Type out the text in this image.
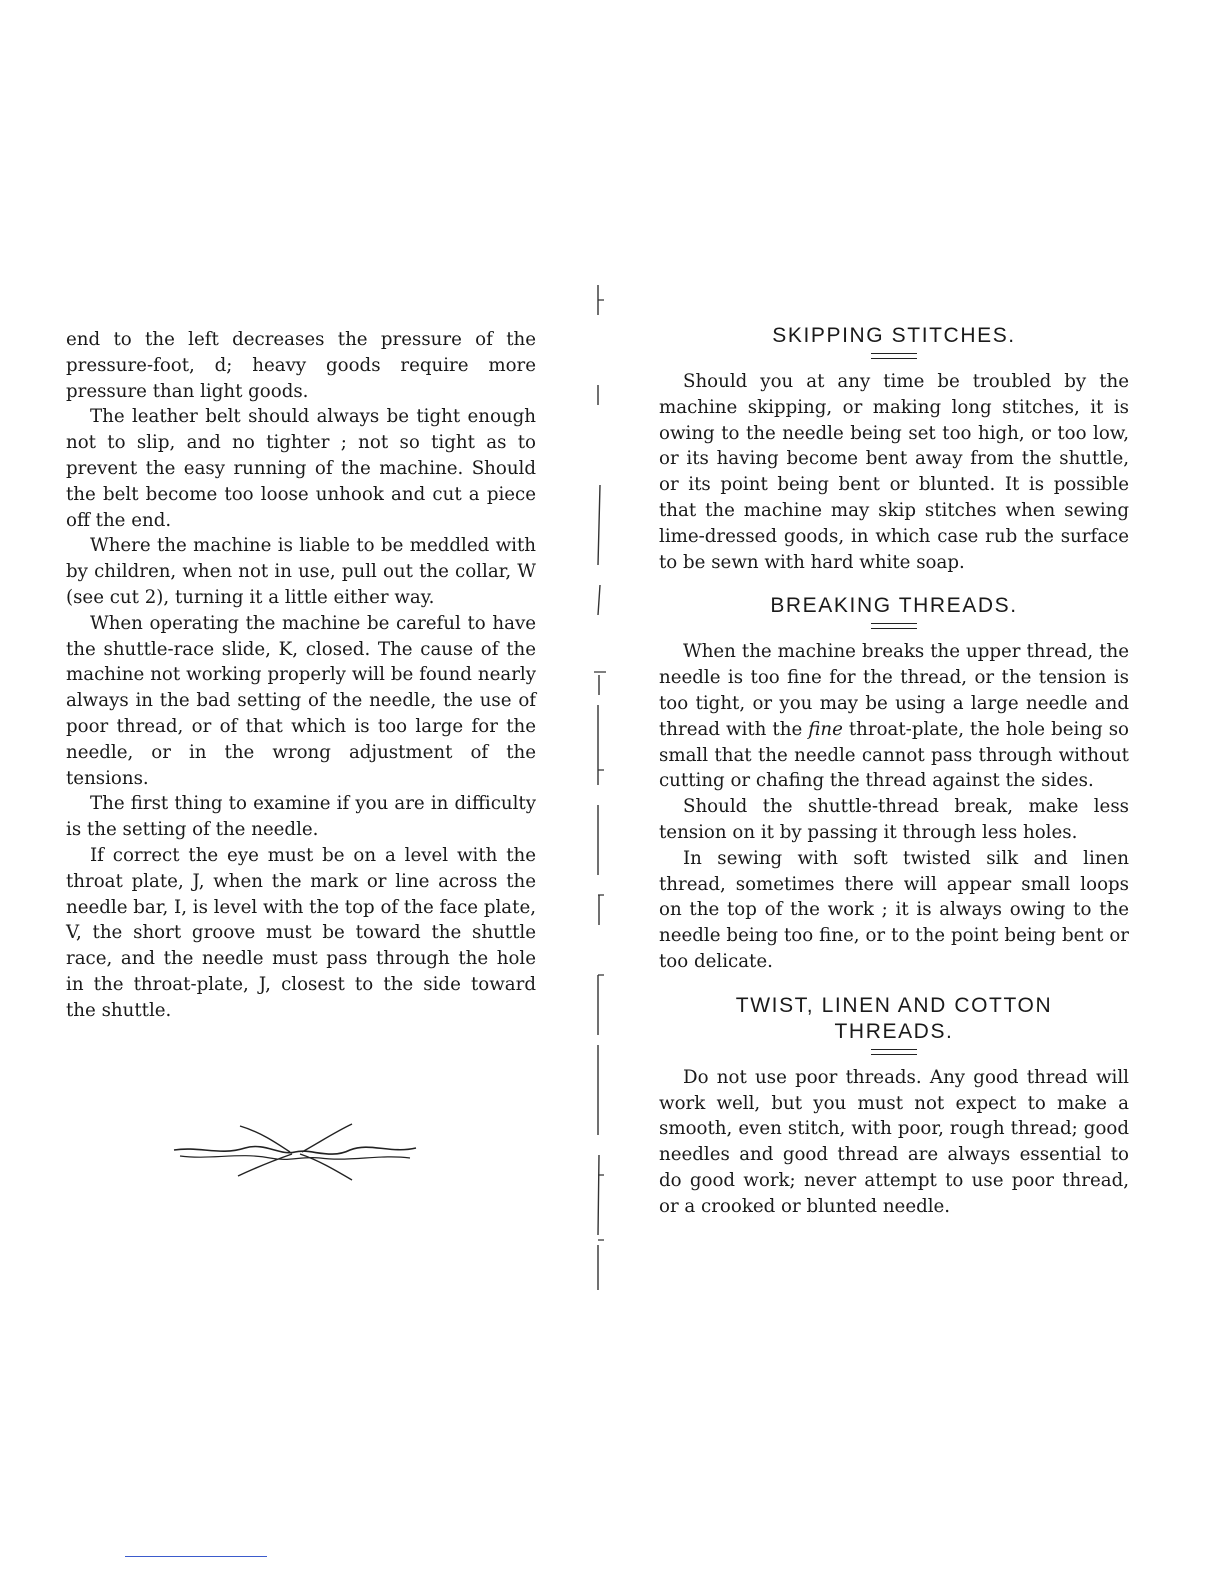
end to the left decreases the pressure of the pressure-foot, d; heavy goods require more pressure than light goods.

The leather belt should always be tight enough not to slip, and no tighter ; not so tight as to prevent the easy running of the machine. Should the belt become too loose unhook and cut a piece off the end.

Where the machine is liable to be meddled with by children, when not in use, pull out the collar, W (see cut 2), turning it a little either way.

When operating the machine be careful to have the shuttle-race slide, K, closed. The cause of the machine not working properly will be found nearly always in the bad setting of the needle, the use of poor thread, or of that which is too large for the needle, or in the wrong adjustment of the tensions.

The first thing to examine if you are in difficulty is the setting of the needle.

If correct the eye must be on a level with the throat plate, J, when the mark or line across the needle bar, I, is level with the top of the face plate, V, the short groove must be toward the shuttle race, and the needle must pass through the hole in the throat-plate, J, closest to the side toward the shuttle.

SKIPPING STITCHES.

Should you at any time be troubled by the machine skipping, or making long stitches, it is owing to the needle being set too high, or too low, or its having become bent away from the shuttle, or its point being bent or blunted. It is possible that the machine may skip stitches when sewing lime-dressed goods, in which case rub the surface to be sewn with hard white soap.

BREAKING THREADS.

When the machine breaks the upper thread, the needle is too fine for the thread, or the tension is too tight, or you may be using a large needle and thread with the fine throat-plate, the hole being so small that the needle cannot pass through without cutting or chafing the thread against the sides.

Should the shuttle-thread break, make less tension on it by passing it through less holes.

In sewing with soft twisted silk and linen thread, sometimes there will appear small loops on the top of the work ; it is always owing to the needle being too fine, or to the point being bent or too delicate.

TWIST, LINEN AND COTTON
THREADS.

Do not use poor threads. Any good thread will work well, but you must not expect to make a smooth, even stitch, with poor, rough thread; good needles and good thread are always essential to do good work; never attempt to use poor thread, or a crooked or blunted needle.
